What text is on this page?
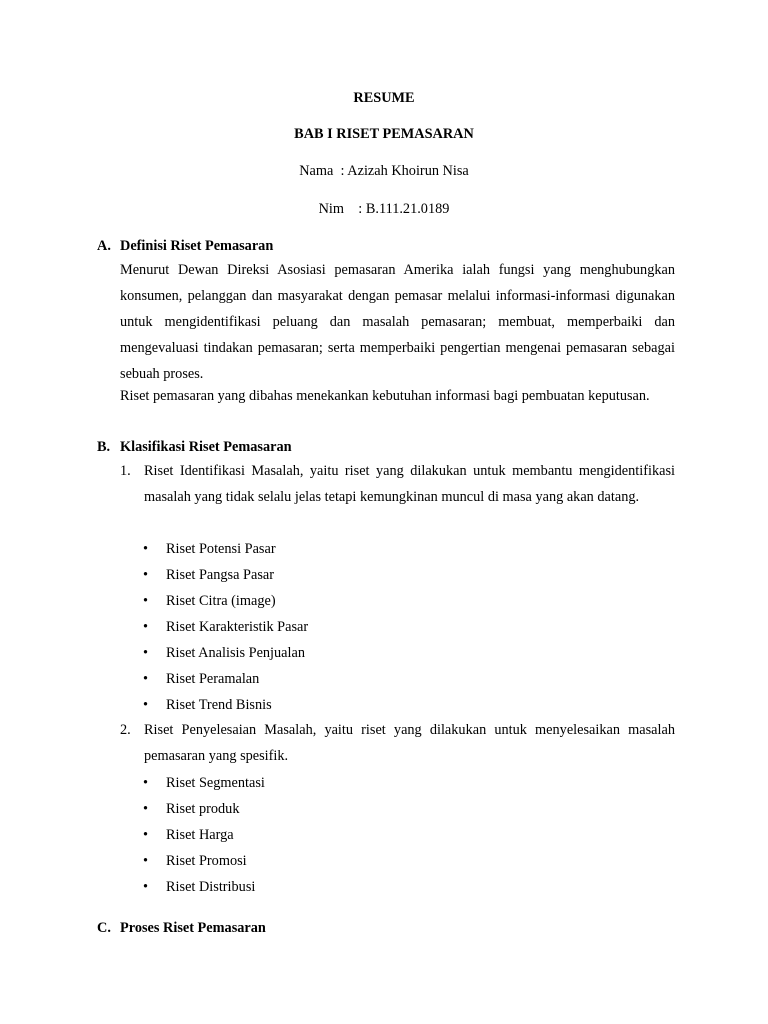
RESUME
BAB I RISET PEMASARAN
Nama  : Azizah Khoirun Nisa
Nim    : B.111.21.0189
A. Definisi Riset Pemasaran
Menurut Dewan Direksi Asosiasi pemasaran Amerika ialah fungsi yang menghubungkan konsumen, pelanggan dan masyarakat dengan pemasar melalui informasi-informasi digunakan untuk mengidentifikasi peluang dan masalah pemasaran; membuat, memperbaiki dan mengevaluasi tindakan pemasaran; serta memperbaiki pengertian mengenai pemasaran sebagai sebuah proses.
Riset pemasaran yang dibahas menekankan kebutuhan informasi bagi pembuatan keputusan.
B. Klasifikasi Riset Pemasaran
1. Riset Identifikasi Masalah, yaitu riset yang dilakukan untuk membantu mengidentifikasi masalah yang tidak selalu jelas tetapi kemungkinan muncul di masa yang akan datang.
• Riset Potensi Pasar
• Riset Pangsa Pasar
• Riset Citra (image)
• Riset Karakteristik Pasar
• Riset Analisis Penjualan
• Riset Peramalan
• Riset Trend Bisnis
2. Riset Penyelesaian Masalah, yaitu riset yang dilakukan untuk menyelesaikan masalah pemasaran yang spesifik.
• Riset Segmentasi
• Riset produk
• Riset Harga
• Riset Promosi
• Riset Distribusi
C. Proses Riset Pemasaran
